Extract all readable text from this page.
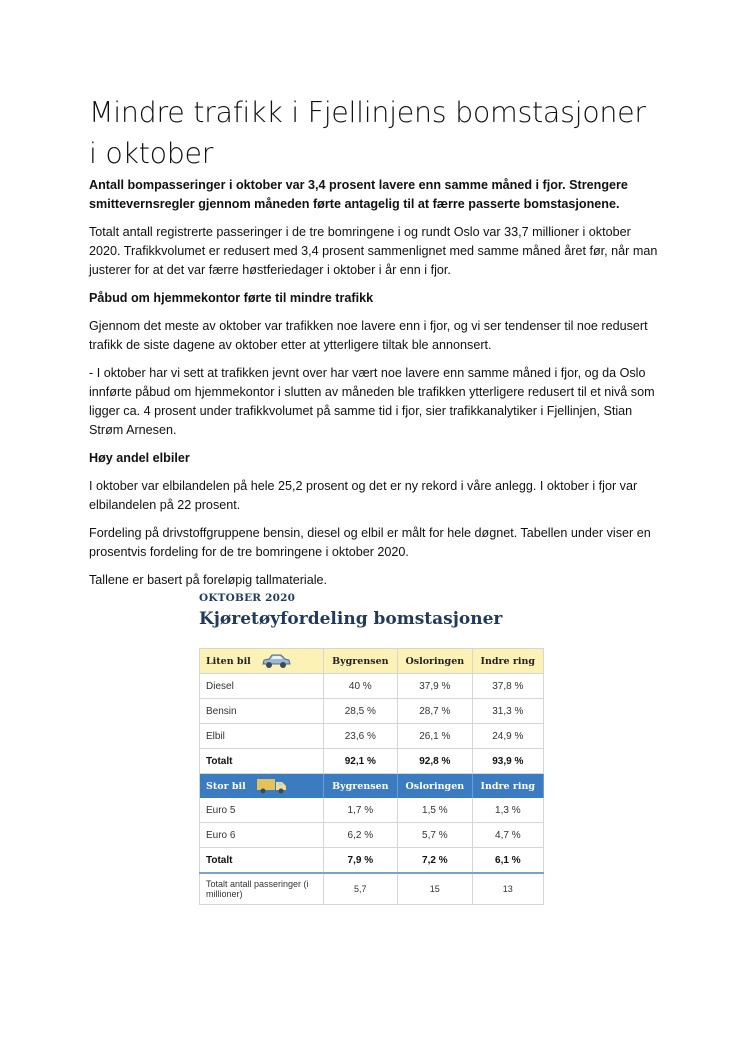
Mindre trafikk i Fjellinjens bomstasjoner i oktober

Antall bompasseringer i oktober var 3,4 prosent lavere enn samme måned i fjor. Strengere smittevernsregler gjennom måneden førte antagelig til at færre passerte bomstasjonene.

Totalt antall registrerte passeringer i de tre bomringene i og rundt Oslo var 33,7 millioner i oktober 2020. Trafikkvolumet er redusert med 3,4 prosent sammenlignet med samme måned året før, når man justerer for at det var færre høstferiedager i oktober i år enn i fjor.

Påbud om hjemmekontor førte til mindre trafikk

Gjennom det meste av oktober var trafikken noe lavere enn i fjor, og vi ser tendenser til noe redusert trafikk de siste dagene av oktober etter at ytterligere tiltak ble annonsert.

- I oktober har vi sett at trafikken jevnt over har vært noe lavere enn samme måned i fjor, og da Oslo innførte påbud om hjemmekontor i slutten av måneden ble trafikken ytterligere redusert til et nivå som ligger ca. 4 prosent under trafikkvolumet på samme tid i fjor, sier trafikkanalytiker i Fjellinjen, Stian Strøm Arnesen.

Høy andel elbiler

I oktober var elbilandelen på hele 25,2 prosent og det er ny rekord i våre anlegg. I oktober i fjor var elbilandelen på 22 prosent.

Fordeling på drivstoffgruppene bensin, diesel og elbil er målt for hele døgnet. Tabellen under viser en prosentvis fordeling for de tre bomringene i oktober 2020.

Tallene er basert på foreløpig tallmateriale.

OKTOBER 2020
Kjøretøyfordeling bomstasjoner
Liten bil	Bygrensen	Osloringen	Indre ring
Diesel	40 %	37,9 %	37,8 %
Bensin	28,5 %	28,7 %	31,3 %
Elbil	23,6 %	26,1 %	24,9 %
Totalt	92,1 %	92,8 %	93,9 %

Stor bil	Bygrensen	Osloringen	Indre ring
Euro 5	1,7 %	1,5 %	1,3 %
Euro 6	6,2 %	5,7 %	4,7 %
Totalt	7,9 %	7,2 %	6,1 %
Totalt antall passeringer (i millioner)	5,7	15	13
